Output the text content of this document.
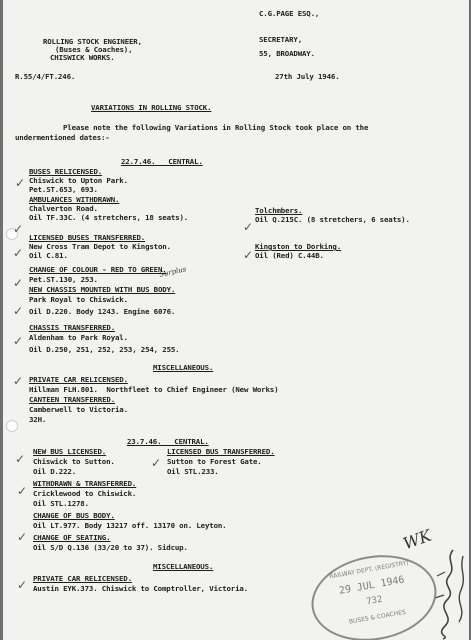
ROLLING STOCK ENGINEER,
(Buses & Coaches),
CHISWICK WORKS.
C.G.PAGE ESQ.,
SECRETARY,
55, BROADWAY.
R.55/4/FT.246.	27th July 1946.
VARIATIONS IN ROLLING STOCK.
Please note the following Variations in Rolling Stock took place on the
undermentioned dates:-
22.7.46.   CENTRAL.
BUSES RELICENSED.
Chiswick to Upton Park.
Pet.ST.653, 693.
AMBULANCES WITHDRAWN.
Chalverton Road.
Oil TF.33C. (4 stretchers, 18 seats).
Tolchmbers.
Oil Q.215C. (8 stretchers, 6 seats).
LICENSED BUSES TRANSFERRED.
New Cross Tram Depot to Kingston.
Oil C.81.
Kingston to Dorking.
Oil (Red) C.44B.
CHANGE OF COLOUR - RED TO GREEN.
Pet.ST.130, 253.
Surplus
NEW CHASSIS MOUNTED WITH BUS BODY.
Park Royal to Chiswick.
Oil D.220. Body 1243. Engine 6076.
CHASSIS TRANSFERRED.
Aldenham to Park Royal.
Oil D.250, 251, 252, 253, 254, 255.
MISCELLANEOUS.
PRIVATE CAR RELICENSED.
Hillman FLH.801.  Northfleet to Chief Engineer (New Works)
CANTEEN TRANSFERRED.
Camberwell to Victoria.
32H.
23.7.46.   CENTRAL.
NEW BUS LICENSED.
Chiswick to Sutton.
Oil D.222.
LICENSED BUS TRANSFERRED.
Sutton to Forest Gate.
Oil STL.233.
WITHDRAWN & TRANSFERRED.
Cricklewood to Chiswick.
Oil STL.1278.
CHANGE OF BUS BODY.
Oil LT.977. Body 13217 off. 13170 on. Leyton.
CHANGE OF SEATING.
Oil S/D Q.136 (33/20 to 37). Sidcup.
MISCELLANEOUS.
PRIVATE CAR RELICENSED.
Austin EYK.373. Chiswick to Comptroller, Victoria.
✓
✓	✓
✓	✓
✓
✓
✓
✓
✓	✓
✓
✓
✓
WK
RAILWAY DEPT. (REGISTRY)
29 JUL 1946
732
BUSES & COACHES
